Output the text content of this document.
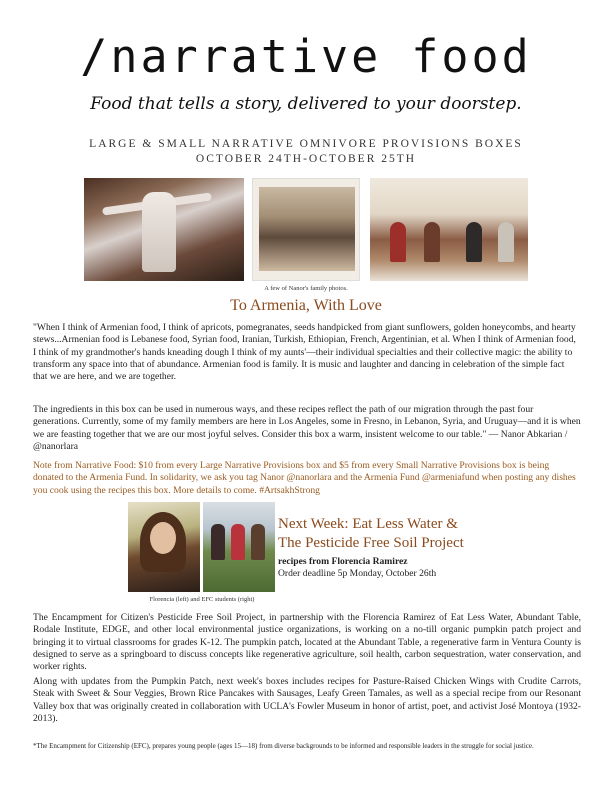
/narrative food
Food that tells a story, delivered to your doorstep.
LARGE & SMALL NARRATIVE OMNIVORE PROVISIONS BOXES
OCTOBER 24TH-OCTOBER 25TH
A few of Nanor's family photos.
To Armenia, With Love
"When I think of Armenian food, I think of apricots, pomegranates, seeds handpicked from giant sunflowers, golden honeycombs, and hearty stews...Armenian food is Lebanese food, Syrian food, Iranian, Turkish, Ethiopian, French, Argentinian, et al. When I think of Armenian food, I think of my grandmother's hands kneading dough I think of my aunts'—their individual specialties and their collective magic: the ability to transform any space into that of abundance. Armenian food is family. It is music and laughter and dancing in celebration of the simple fact that we are here, and we are together.
The ingredients in this box can be used in numerous ways, and these recipes reflect the path of our migration through the past four generations. Currently, some of my family members are here in Los Angeles, some in Fresno, in Lebanon, Syria, and Uruguay—and it is when we are feasting together that we are our most joyful selves. Consider this box a warm, insistent welcome to our table." — Nanor Abkarian / @nanorlara
Note from Narrative Food: $10 from every Large Narrative Provisions box and $5 from every Small Narrative Provisions box is being donated to the Armenia Fund. In solidarity, we ask you tag Nanor @nanorlara and the Armenia Fund @armeniafund when posting any dishes you cook using the recipes this box. More details to come. #ArtsakhStrong
Florencia (left) and EFC students (right)
Next Week: Eat Less Water &
The Pesticide Free Soil Project
recipes from Florencia Ramirez
Order deadline 5p Monday, October 26th
The Encampment for Citizen's Pesticide Free Soil Project, in partnership with the Florencia Ramirez of Eat Less Water, Abundant Table, Rodale Institute, EDGE, and other local environmental justice organizations, is working on a no-till organic pumpkin patch project and bringing it to virtual classrooms for grades K-12. The pumpkin patch, located at the Abundant Table, a regenerative farm in Ventura County is designed to serve as a springboard to discuss concepts like regenerative agriculture, soil health, carbon sequestration, water conservation, and worker rights.
Along with updates from the Pumpkin Patch, next week's boxes includes recipes for Pasture-Raised Chicken Wings with Crudite Carrots, Steak with Sweet & Sour Veggies, Brown Rice Pancakes with Sausages, Leafy Green Tamales, as well as a special recipe from our Resonant Valley box that was originally created in collaboration with UCLA's Fowler Museum in honor of artist, poet, and activist José Montoya (1932-2013).
*The Encampment for Citizenship (EFC), prepares young people (ages 15—18) from diverse backgrounds to be informed and responsible leaders in the struggle for social justice.
